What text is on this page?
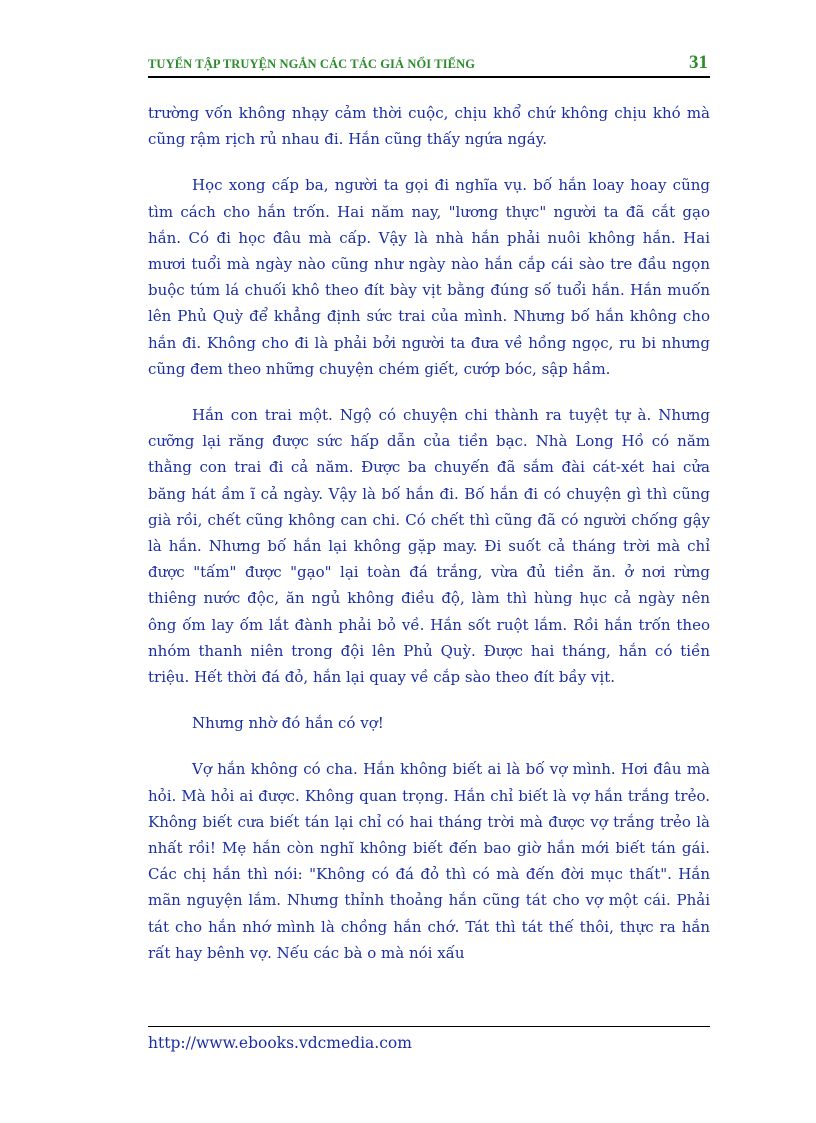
TUYỂN TẬP TRUYỆN NGẮN CÁC TÁC GIẢ NỔI TIẾNG	31

trường vốn không nhạy cảm thời cuộc, chịu khổ chứ không chịu khó mà cũng rậm rịch rủ nhau đi. Hắn cũng thấy ngứa ngáy.

Học xong cấp ba, người ta gọi đi nghĩa vụ. bố hắn loay hoay cũng tìm cách cho hắn trốn. Hai năm nay, "lương thực" người ta đã cắt gạo hắn. Có đi học đâu mà cấp. Vậy là nhà hắn phải nuôi không hắn. Hai mươi tuổi mà ngày nào cũng như ngày nào hắn cắp cái sào tre đầu ngọn buộc túm lá chuối khô theo đít bày vịt bằng đúng số tuổi hắn. Hắn muốn lên Phủ Quỳ để khẳng định sức trai của mình. Nhưng bố hắn không cho hắn đi. Không cho đi là phải bởi người ta đưa về hồng ngọc, ru bi nhưng cũng đem theo những chuyện chém giết, cướp bóc, sập hầm.

Hắn con trai một. Ngộ có chuyện chi thành ra tuyệt tự à. Nhưng cưỡng lại răng được sức hấp dẫn của tiền bạc. Nhà Long Hồ có năm thằng con trai đi cả năm. Được ba chuyến đã sắm đài cát-xét hai cửa băng hát ầm ĩ cả ngày. Vậy là bố hắn đi. Bố hắn đi có chuyện gì thì cũng già rồi, chết cũng không can chi. Có chết thì cũng đã có người chống gậy là hắn. Nhưng bố hắn lại không gặp may. Đi suốt cả tháng trời mà chỉ được "tấm" được "gạo" lại toàn đá trắng, vừa đủ tiền ăn. ở nơi rừng thiêng nước độc, ăn ngủ không điều độ, làm thì hùng hục cả ngày nên ông ốm lay ốm lắt đành phải bỏ về. Hắn sốt ruột lắm. Rồi hắn trốn theo nhóm thanh niên trong đội lên Phủ Quỳ. Được hai tháng, hắn có tiền triệu. Hết thời đá đỏ, hắn lại quay về cắp sào theo đít bầy vịt.

Nhưng nhờ đó hắn có vợ!

Vợ hắn không có cha. Hắn không biết ai là bố vợ mình. Hơi đâu mà hỏi. Mà hỏi ai được. Không quan trọng. Hắn chỉ biết là vợ hắn trắng trẻo. Không biết cưa biết tán lại chỉ có hai tháng trời mà được vợ trắng trẻo là nhất rồi! Mẹ hắn còn nghĩ không biết đến bao giờ hắn mới biết tán gái. Các chị hắn thì nói: "Không có đá đỏ thì có mà đến đời mục thất". Hắn mãn nguyện lắm. Nhưng thỉnh thoảng hắn cũng tát cho vợ một cái. Phải tát cho hắn nhớ mình là chồng hắn chớ. Tát thì tát thế thôi, thực ra hắn rất hay bênh vợ. Nếu các bà o mà nói xấu

http://www.ebooks.vdcmedia.com
